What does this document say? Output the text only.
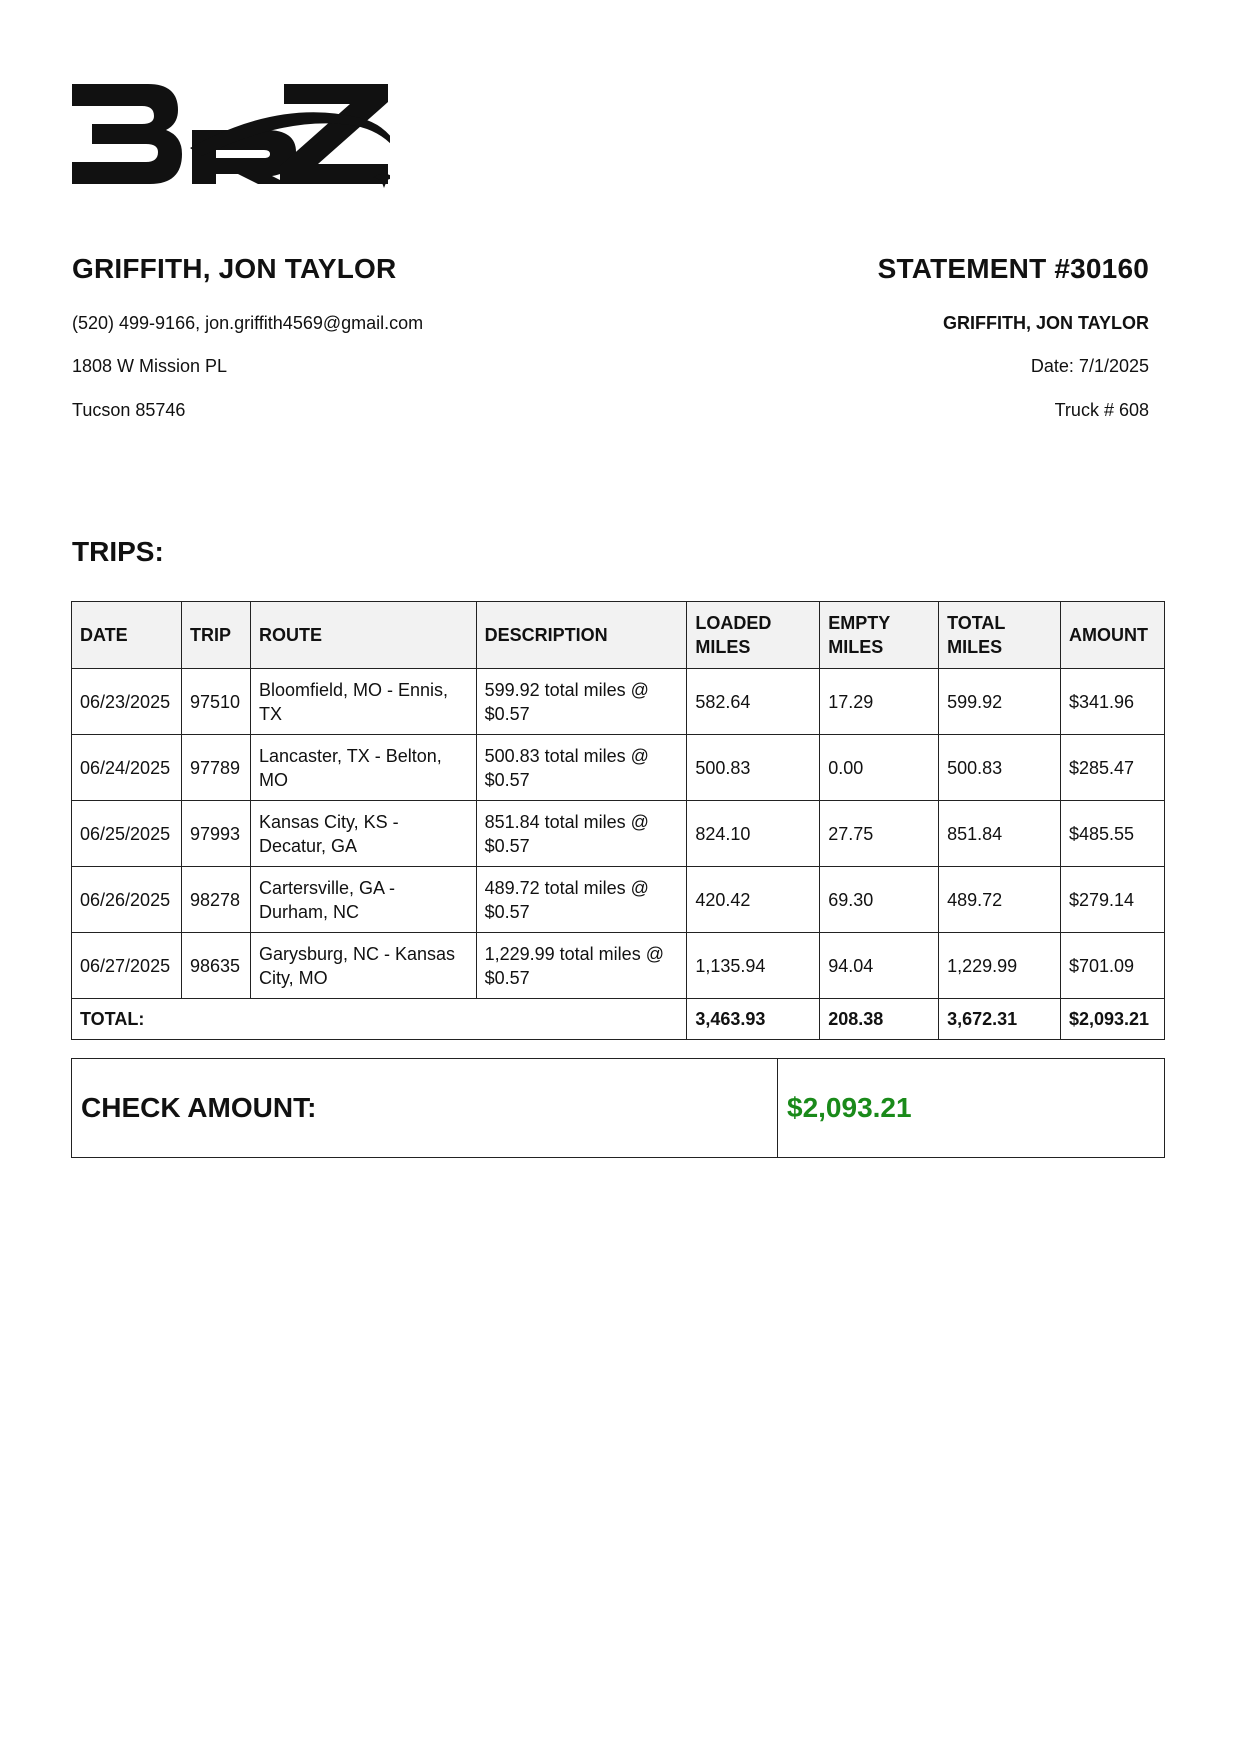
GRIFFITH, JON TAYLOR
(520) 499-9166, jon.griffith4569@gmail.com
1808 W Mission PL
Tucson 85746
STATEMENT #30160
GRIFFITH, JON TAYLOR
Date: 7/1/2025
Truck # 608
TRIPS:
DATE	TRIP	ROUTE	DESCRIPTION	LOADED MILES	EMPTY MILES	TOTAL MILES	AMOUNT
06/23/2025	97510	Bloomfield, MO - Ennis, TX	599.92 total miles @ $0.57	582.64	17.29	599.92	$341.96
06/24/2025	97789	Lancaster, TX - Belton, MO	500.83 total miles @ $0.57	500.83	0.00	500.83	$285.47
06/25/2025	97993	Kansas City, KS - Decatur, GA	851.84 total miles @ $0.57	824.10	27.75	851.84	$485.55
06/26/2025	98278	Cartersville, GA - Durham, NC	489.72 total miles @ $0.57	420.42	69.30	489.72	$279.14
06/27/2025	98635	Garysburg, NC - Kansas City, MO	1,229.99 total miles @ $0.57	1,135.94	94.04	1,229.99	$701.09
TOTAL:				3,463.93	208.38	3,672.31	$2,093.21
CHECK AMOUNT:	$2,093.21
